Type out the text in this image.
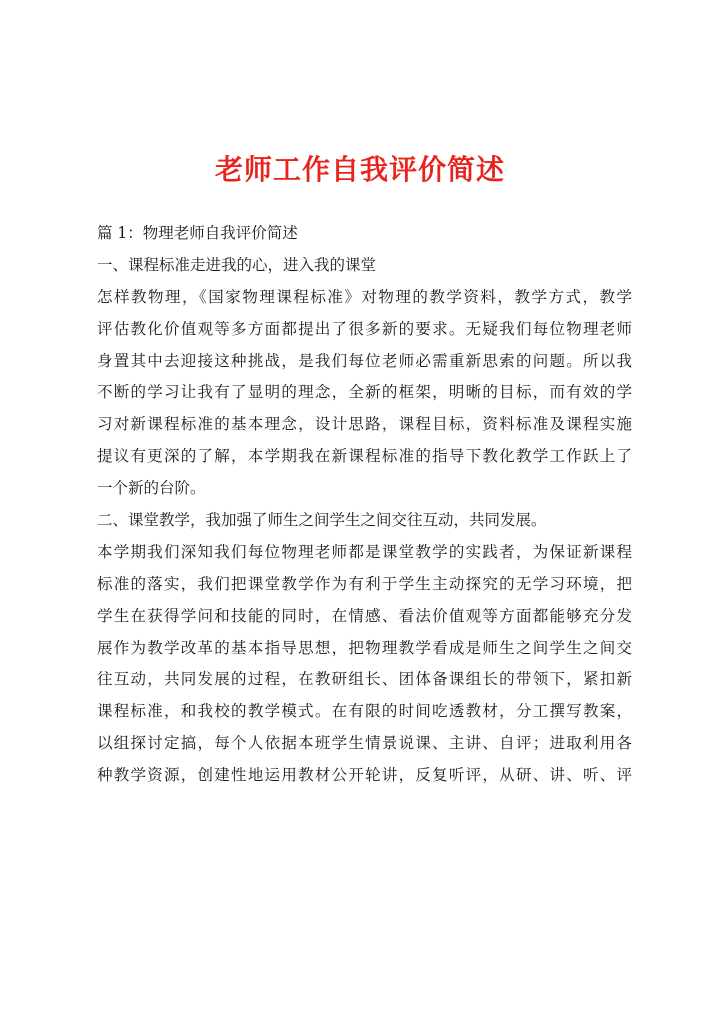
老师工作自我评价简述
篇 1：物理老师自我评价简述
一、课程标准走进我的心，进入我的课堂
怎样教物理，《国家物理课程标准》对物理的教学资料，教学方式，教学
评估教化价值观等多方面都提出了很多新的要求。无疑我们每位物理老师
身置其中去迎接这种挑战，是我们每位老师必需重新思索的问题。所以我
不断的学习让我有了显明的理念，全新的框架，明晰的目标，而有效的学
习对新课程标准的基本理念，设计思路，课程目标，资料标准及课程实施
提议有更深的了解，本学期我在新课程标准的指导下教化教学工作跃上了
一个新的台阶。
二、课堂教学，我加强了师生之间学生之间交往互动，共同发展。
本学期我们深知我们每位物理老师都是课堂教学的实践者，为保证新课程
标准的落实，我们把课堂教学作为有利于学生主动探究的无学习环境，把
学生在获得学问和技能的同时，在情感、看法价值观等方面都能够充分发
展作为教学改革的基本指导思想，把物理教学看成是师生之间学生之间交
往互动，共同发展的过程，在教研组长、团体备课组长的带领下，紧扣新
课程标准，和我校的教学模式。在有限的时间吃透教材，分工撰写教案，
以组探讨定搞，每个人依据本班学生情景说课、主讲、自评；进取利用各
种教学资源，创建性地运用教材公开轮讲，反复听评，从研、讲、听、评
